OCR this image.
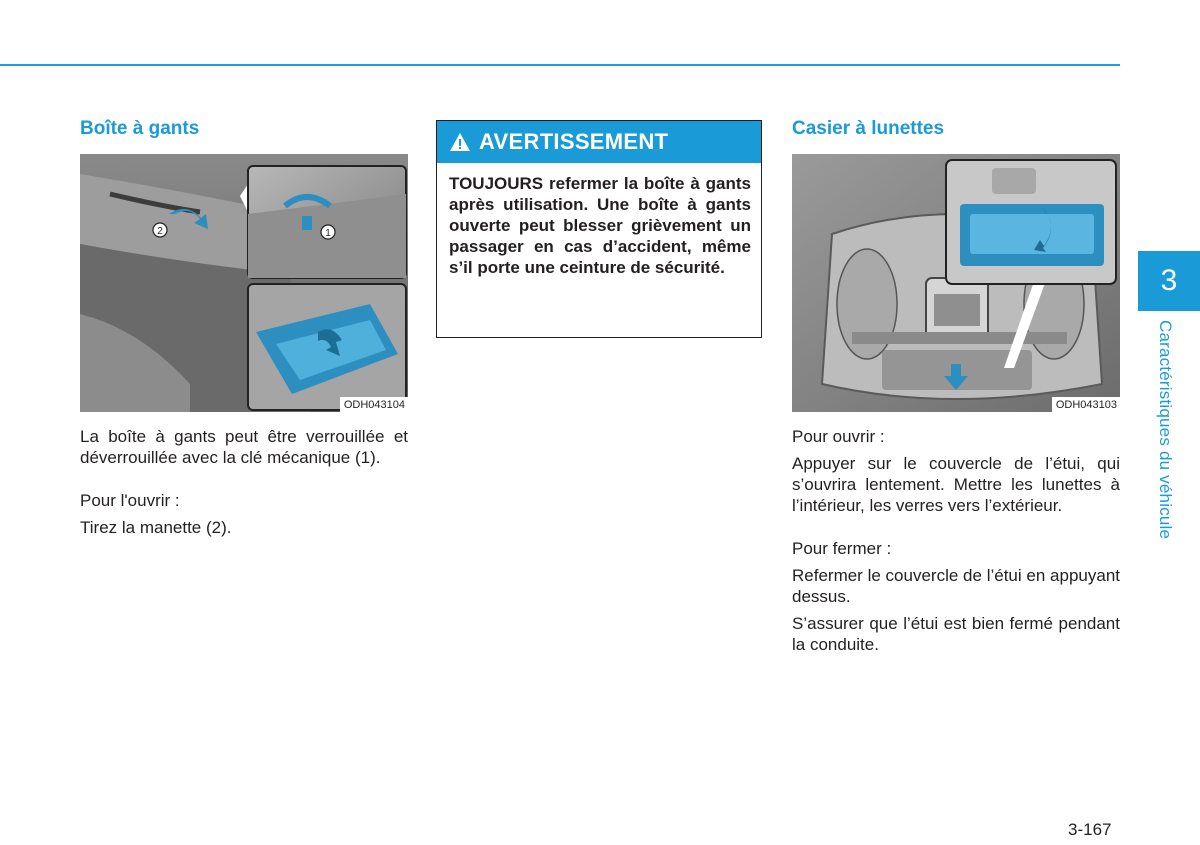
Boîte à gants
2	1
ODH043104

La boîte à gants peut être verrouillée et déverrouillée avec la clé mécanique (1).

Pour l'ouvrir :

Tirez la manette (2).

AVERTISSEMENT
TOUJOURS refermer la boîte à gants après utilisation. Une boîte à gants ouverte peut blesser grièvement un passager en cas d’accident, même s’il porte une ceinture de sécurité.
Casier à lunettes
ODH043103

Pour ouvrir :

Appuyer sur le couvercle de l’étui, qui s’ouvrira lentement. Mettre les lunettes à l’intérieur, les verres vers l’extérieur.

Pour fermer :

Refermer le couvercle de l’étui en appuyant dessus.

S’assurer que l’étui est bien fermé pendant la conduite.

3
Caractéristiques du véhicule
3-167
